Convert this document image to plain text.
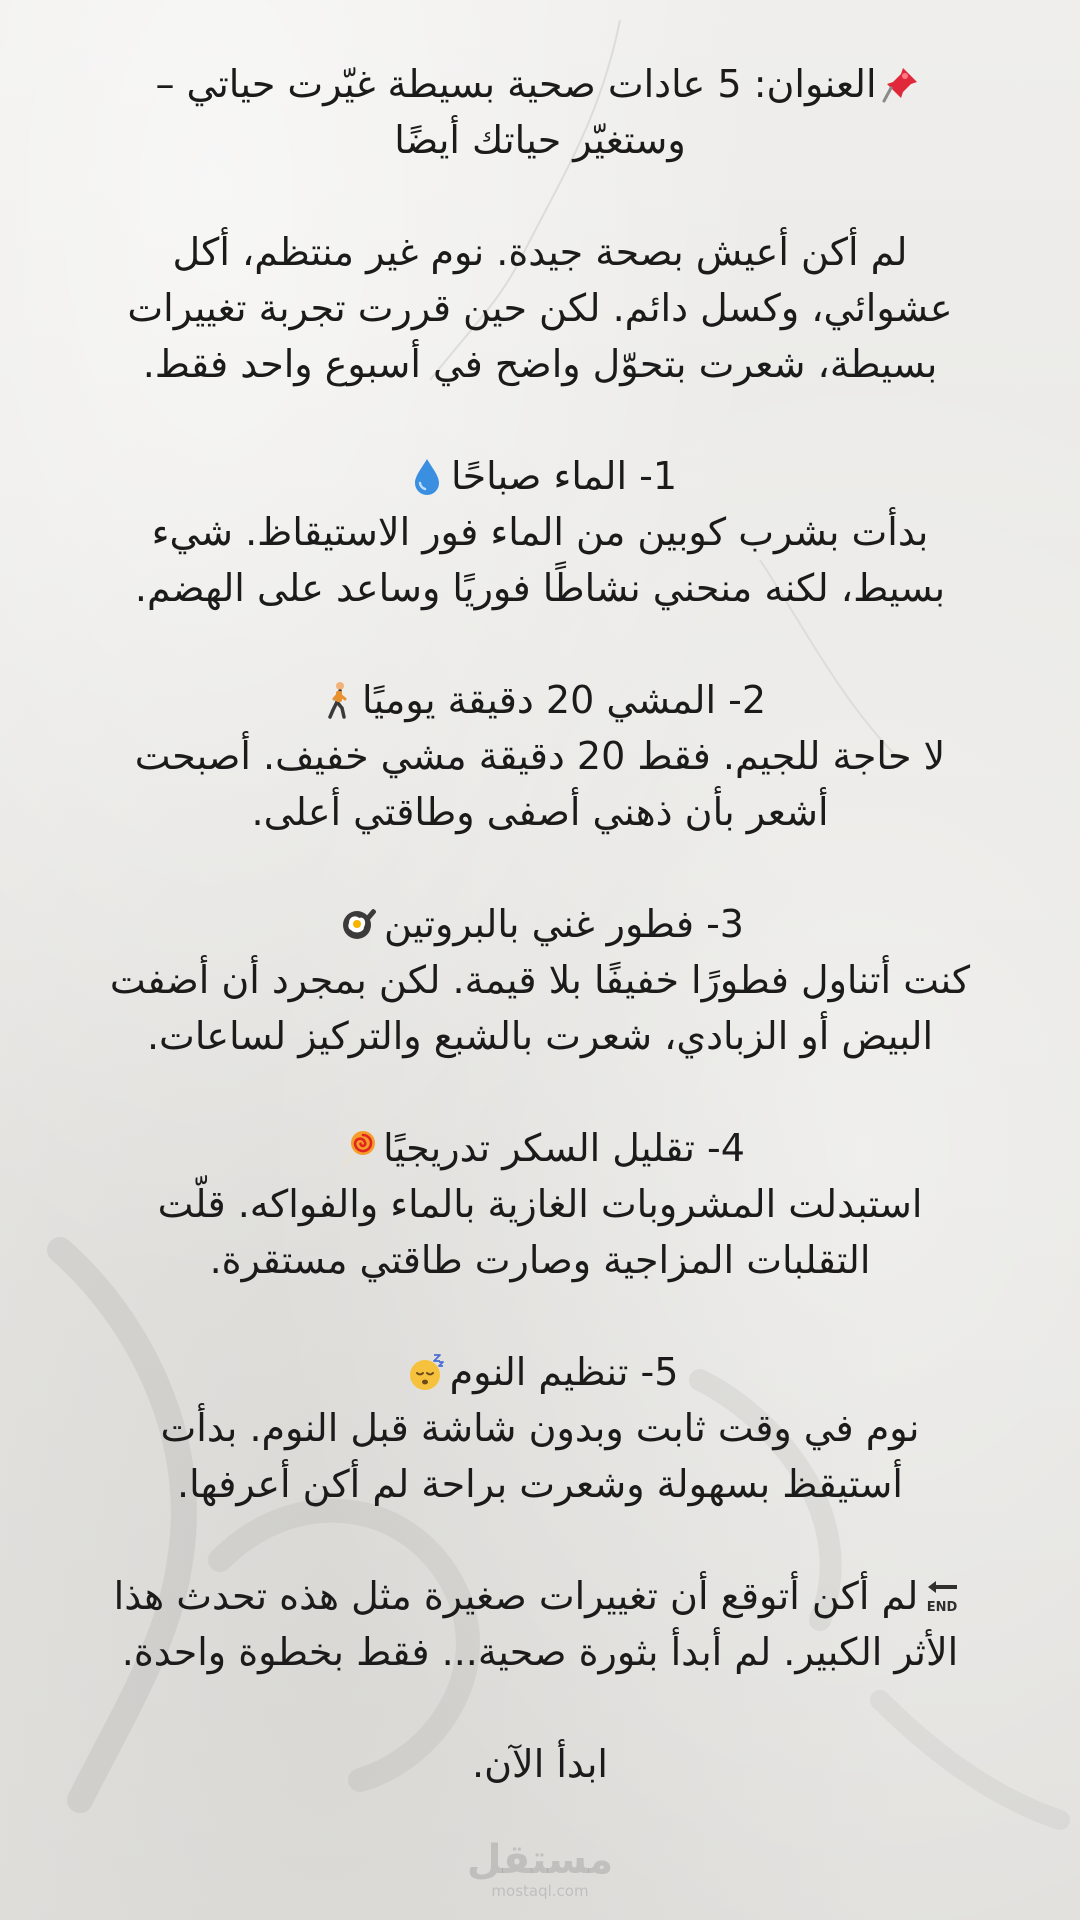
العنوان: 5 عادات صحية بسيطة غيّرت حياتي –
وستغيّر حياتك أيضًا
لم أكن أعيش بصحة جيدة. نوم غير منتظم، أكل
عشوائي، وكسل دائم. لكن حين قررت تجربة تغييرات
بسيطة، شعرت بتحوّل واضح في أسبوع واحد فقط.
1- الماء صباحًا
بدأت بشرب كوبين من الماء فور الاستيقاظ. شيء
بسيط، لكنه منحني نشاطًا فوريًا وساعد على الهضم.
2- المشي 20 دقيقة يوميًا
لا حاجة للجيم. فقط 20 دقيقة مشي خفيف. أصبحت
أشعر بأن ذهني أصفى وطاقتي أعلى.
3- فطور غني بالبروتين
كنت أتناول فطورًا خفيفًا بلا قيمة. لكن بمجرد أن أضفت
البيض أو الزبادي، شعرت بالشبع والتركيز لساعات.
4- تقليل السكر تدريجيًا
استبدلت المشروبات الغازية بالماء والفواكه. قلّت
التقلبات المزاجية وصارت طاقتي مستقرة.
5- تنظيم النوم
نوم في وقت ثابت وبدون شاشة قبل النوم. بدأت
أستيقظ بسهولة وشعرت براحة لم أكن أعرفها.
END
لم أكن أتوقع أن تغييرات صغيرة مثل هذه تحدث هذا
الأثر الكبير. لم أبدأ بثورة صحية... فقط بخطوة واحدة.
ابدأ الآن.
مستقل
mostaql.com
